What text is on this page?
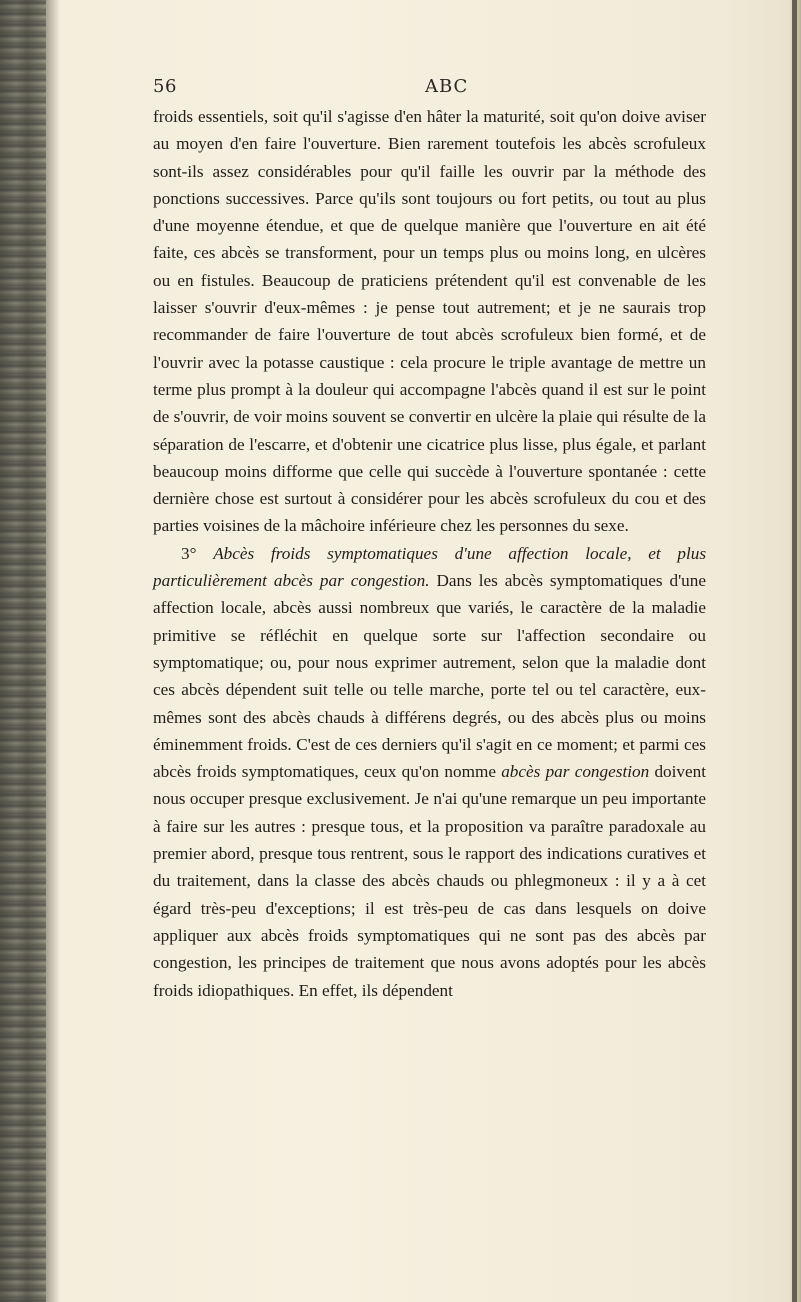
56	ABC

froids essentiels, soit qu'il s'agisse d'en hâter la maturité, soit qu'on doive aviser au moyen d'en faire l'ouverture. Bien rarement toutefois les abcès scrofuleux sont-ils assez considérables pour qu'il faille les ouvrir par la méthode des ponctions successives. Parce qu'ils sont toujours ou fort petits, ou tout au plus d'une moyenne étendue, et que de quelque manière que l'ouverture en ait été faite, ces abcès se transforment, pour un temps plus ou moins long, en ulcères ou en fistules. Beaucoup de praticiens prétendent qu'il est convenable de les laisser s'ouvrir d'eux-mêmes : je pense tout autrement; et je ne saurais trop recommander de faire l'ouverture de tout abcès scrofuleux bien formé, et de l'ouvrir avec la potasse caustique : cela procure le triple avantage de mettre un terme plus prompt à la douleur qui accompagne l'abcès quand il est sur le point de s'ouvrir, de voir moins souvent se convertir en ulcère la plaie qui résulte de la séparation de l'escarre, et d'obtenir une cicatrice plus lisse, plus égale, et parlant beaucoup moins difforme que celle qui succède à l'ouverture spontanée : cette dernière chose est surtout à considérer pour les abcès scrofuleux du cou et des parties voisines de la mâchoire inférieure chez les personnes du sexe.

3° Abcès froids symptomatiques d'une affection locale, et plus particulièrement abcès par congestion. Dans les abcès symptomatiques d'une affection locale, abcès aussi nombreux que variés, le caractère de la maladie primitive se réfléchit en quelque sorte sur l'affection secondaire ou symptomatique; ou, pour nous exprimer autrement, selon que la maladie dont ces abcès dépendent suit telle ou telle marche, porte tel ou tel caractère, eux-mêmes sont des abcès chauds à différens degrés, ou des abcès plus ou moins éminemment froids. C'est de ces derniers qu'il s'agit en ce moment; et parmi ces abcès froids symptomatiques, ceux qu'on nomme abcès par congestion doivent nous occuper presque exclusivement. Je n'ai qu'une remarque un peu importante à faire sur les autres : presque tous, et la proposition va paraître paradoxale au premier abord, presque tous rentrent, sous le rapport des indications curatives et du traitement, dans la classe des abcès chauds ou phlegmoneux : il y a à cet égard très-peu d'exceptions; il est très-peu de cas dans lesquels on doive appliquer aux abcès froids symptomatiques qui ne sont pas des abcès par congestion, les principes de traitement que nous avons adoptés pour les abcès froids idiopathiques. En effet, ils dépendent
